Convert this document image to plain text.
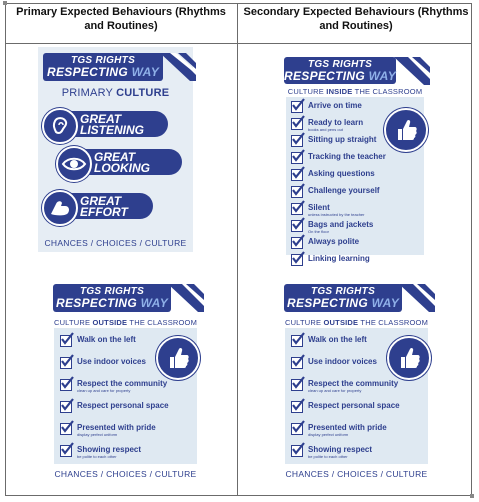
Primary Expected Behaviours (Rhythms and Routines)
Secondary Expected Behaviours (Rhythms and Routines)
TGS RIGHTS
RESPECTING WAY
PRIMARY CULTURE
GREAT
LISTENING
GREAT
LOOKING
GREAT
EFFORT
CHANCES / CHOICES / CULTURE
TGS RIGHTS
RESPECTING WAY
CULTURE INSIDE THE CLASSROOM
Arrive on time
Ready to learn
books and pens out
Sitting up straight
Tracking the teacher
Asking questions
Challenge yourself
Silent
unless instructed by the teacher
Bags and jackets
On the floor
Always polite
Linking learning
TGS RIGHTS
RESPECTING WAY
CULTURE OUTSIDE THE CLASSROOM
Walk on the left
Use indoor voices
Respect the community
clean up and care for property
Respect personal space
Presented with pride
display perfect uniform
Showing respect
be polite to each other
CHANCES / CHOICES / CULTURE
TGS RIGHTS
RESPECTING WAY
CULTURE OUTSIDE THE CLASSROOM
Walk on the left
Use indoor voices
Respect the community
clean up and care for property
Respect personal space
Presented with pride
display perfect uniform
Showing respect
be polite to each other
CHANCES / CHOICES / CULTURE
